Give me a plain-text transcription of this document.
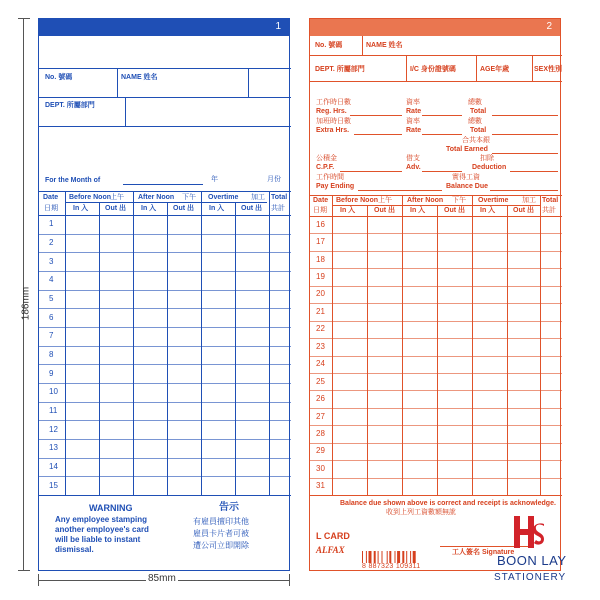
186mm
85mm
1
No. 號碼	NAME 姓名
DEPT. 所屬部門
For the Month of	年	月份
Date
日期
Before Noon 上午 After Noon 下午 Overtime 加工 Total
共計
In 入 Out 出 In 入 Out 出 In 入 Out 出
1
2
3
4
5
6
7
8
9
10
11
12
13
14
15
WARNING
Any employee stamping
another employee's card
will be liable to instant
dismissal.
告示
有雇員擅印其他
雇員卡片者可被
遭公司立即開除
2
No. 號碼	NAME 姓名
DEPT. 所屬部門	I/C 身份證號碼	AGE年歲	SEX性別
工作時日數
Reg. Hrs.
資率
Rate
總數
Total
加班時日數
Extra Hrs.
資率
Rate
總數
Total
合共本銀
Total Earned
公積金
C.P.F.
借支
Adv.
扣除
Deduction
工作時間
Pay Ending
實得工資
Balance Due
Date
日期
Before Noon 上午 After Noon 下午 Overtime 加工 Total
共計
In 入	Out 出 In 入	Out 出 In 入	Out 出
16
17
18
19
20
21
22
23
24
25
26
27
28
29
30
31
Balance due shown above is correct and receipt is acknowledge.
收到上列工資數額無訛
L CARD
ALFAX
8 887323 109311
工人簽名 Signature
BOON LAY
STATIONERY
